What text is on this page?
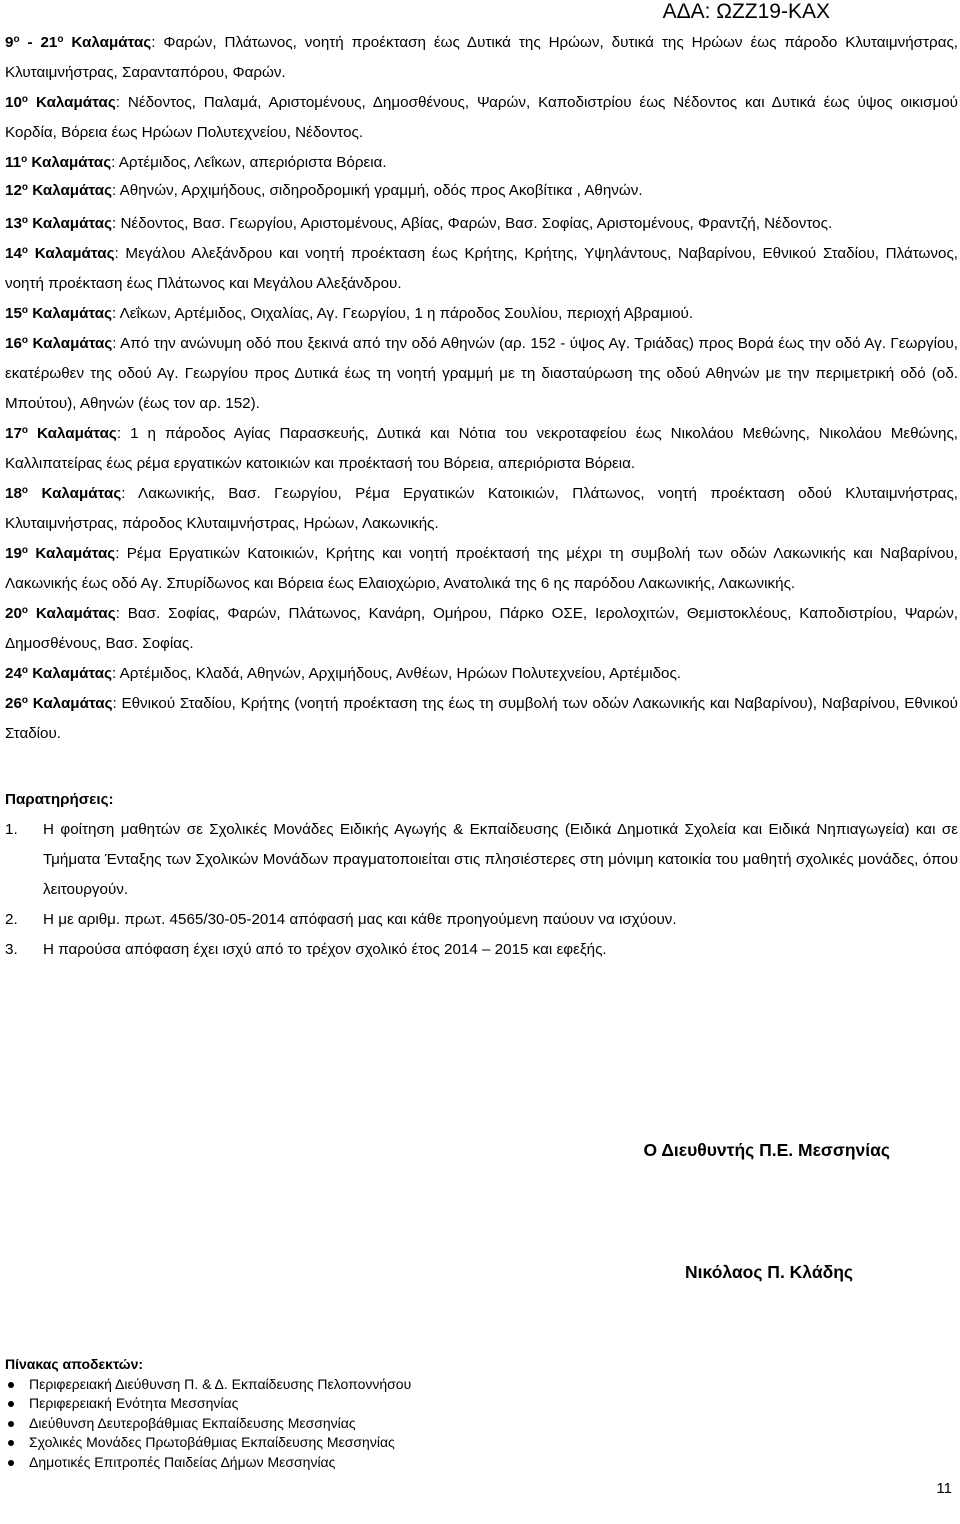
ΑΔΑ: ΩΖΖ19-ΚΑΧ

$9^o - 21^o$ Καλαμάτας: Φαρών, Πλάτωνος, νοητή προέκταση έως Δυτικά της Ηρώων, δυτικά της Ηρώων έως πάροδο Κλυταιμνήστρας, Κλυταιμνήστρας, Σαρανταπόρου, Φαρών.

$10^o$ Καλαμάτας: Νέδοντος, Παλαμά, Αριστομένους, Δημοσθένους, Ψαρών, Καποδιστρίου έως Νέδοντος και Δυτικά έως ύψος οικισμού Κορδία, Βόρεια έως Ηρώων Πολυτεχνείου, Νέδοντος.

$11^o$ Καλαμάτας: Αρτέμιδος, Λεΐκων, απεριόριστα Βόρεια.

$12^o$ Καλαμάτας: Αθηνών, Αρχιμήδους, σιδηροδρομική γραμμή, οδός προς Ακοβίτικα , Αθηνών.

$13^o$ Καλαμάτας: Νέδοντος, Βασ. Γεωργίου, Αριστομένους, Αβίας, Φαρών, Βασ. Σοφίας, Αριστομένους, Φραντζή, Νέδοντος.

$14^o$ Καλαμάτας: Μεγάλου Αλεξάνδρου και νοητή προέκταση έως Κρήτης, Κρήτης, Υψηλάντους, Ναβαρίνου, Εθνικού Σταδίου, Πλάτωνος, νοητή προέκταση έως Πλάτωνος και Μεγάλου Αλεξάνδρου.

$15^o$ Καλαμάτας: Λεΐκων, Αρτέμιδος, Οιχαλίας, Αγ. Γεωργίου, 1 η πάροδος Σουλίου, περιοχή Αβραμιού.

$16^o$ Καλαμάτας: Από την ανώνυμη οδό που ξεκινά από την οδό Αθηνών (αρ. 152 - ύψος Αγ. Τριάδας) προς Βορά έως την οδό Αγ. Γεωργίου, εκατέρωθεν της οδού Αγ. Γεωργίου προς Δυτικά έως τη νοητή γραμμή με τη διασταύρωση της οδού Αθηνών με την περιμετρική οδό (οδ. Μπούτου), Αθηνών (έως τον αρ. 152).

$17^o$ Καλαμάτας: 1 η πάροδος Αγίας Παρασκευής, Δυτικά και Νότια του νεκροταφείου έως Νικολάου Μεθώνης, Νικολάου Μεθώνης, Καλλιπατείρας έως ρέμα εργατικών κατοικιών και προέκτασή του Βόρεια, απεριόριστα Βόρεια.

$18^o$ Καλαμάτας: Λακωνικής, Βασ. Γεωργίου, Ρέμα Εργατικών Κατοικιών, Πλάτωνος, νοητή προέκταση οδού Κλυταιμνήστρας, Κλυταιμνήστρας, πάροδος Κλυταιμνήστρας, Ηρώων, Λακωνικής.

$19^o$ Καλαμάτας: Ρέμα Εργατικών Κατοικιών, Κρήτης και νοητή προέκτασή της μέχρι τη συμβολή των οδών Λακωνικής και Ναβαρίνου, Λακωνικής έως οδό Αγ. Σπυρίδωνος και Βόρεια έως Ελαιοχώριο, Ανατολικά της 6 ης παρόδου Λακωνικής, Λακωνικής.

$20^o$ Καλαμάτας: Βασ. Σοφίας, Φαρών, Πλάτωνος, Κανάρη, Ομήρου, Πάρκο ΟΣΕ, Ιερολοχιτών, Θεμιστοκλέους, Καποδιστρίου, Ψαρών, Δημοσθένους, Βασ. Σοφίας.

$24^o$ Καλαμάτας: Αρτέμιδος, Κλαδά, Αθηνών, Αρχιμήδους, Ανθέων, Ηρώων Πολυτεχνείου, Αρτέμιδος.

$26^o$ Καλαμάτας: Εθνικού Σταδίου, Κρήτης (νοητή προέκταση της έως τη συμβολή των οδών Λακωνικής και Ναβαρίνου), Ναβαρίνου, Εθνικού Σταδίου.

Παρατηρήσεις:
1.	Η φοίτηση μαθητών σε Σχολικές Μονάδες Ειδικής Αγωγής & Εκπαίδευσης (Ειδικά Δημοτικά Σχολεία και Ειδικά Νηπιαγωγεία) και σε Τμήματα Ένταξης των Σχολικών Μονάδων πραγματοποιείται στις πλησιέστερες στη μόνιμη κατοικία του μαθητή σχολικές μονάδες, όπου λειτουργούν.
2.	Η με αριθμ. πρωτ. 4565/30-05-2014 απόφασή μας και κάθε προηγούμενη παύουν να ισχύουν.
3.	Η παρούσα απόφαση έχει ισχύ από το τρέχον σχολικό έτος 2014 – 2015 και εφεξής.
Ο Διευθυντής Π.Ε. Μεσσηνίας
Νικόλαος Π. Κλάδης
Πίνακας αποδεκτών:
Περιφερειακή Διεύθυνση Π. & Δ. Εκπαίδευσης Πελοποννήσου
Περιφερειακή Ενότητα Μεσσηνίας
Διεύθυνση Δευτεροβάθμιας Εκπαίδευσης Μεσσηνίας
Σχολικές Μονάδες Πρωτοβάθμιας Εκπαίδευσης Μεσσηνίας
Δημοτικές Επιτροπές Παιδείας Δήμων Μεσσηνίας
11
